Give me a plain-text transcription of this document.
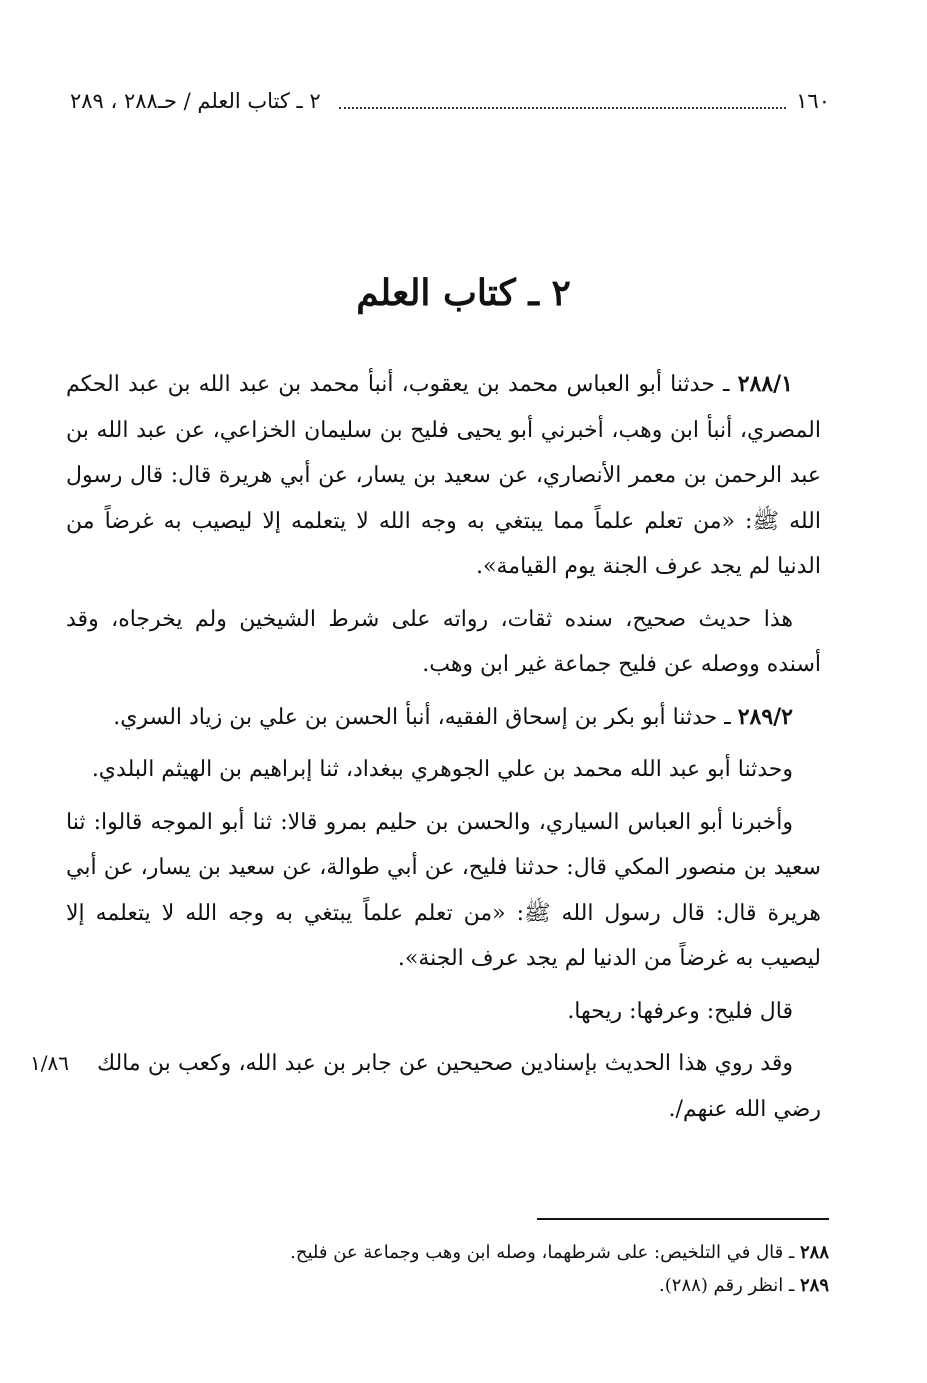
١٦٠
٢ ـ كتاب العلم / حـ٢٨٨ ، ٢٨٩
٢ ـ كتاب العلم

٢٨٨/١ ـ حدثنا أبو العباس محمد بن يعقوب، أنبأ محمد بن عبد الله بن عبد الحكم المصري، أنبأ ابن وهب، أخبرني أبو يحيى فليح بن سليمان الخزاعي، عن عبد الله بن عبد الرحمن بن معمر الأنصاري، عن سعيد بن يسار، عن أبي هريرة قال: قال رسول الله ﷺ: «من تعلم علماً مما يبتغي به وجه الله لا يتعلمه إلا ليصيب به غرضاً من الدنيا لم يجد عرف الجنة يوم القيامة».

هذا حديث صحيح، سنده ثقات، رواته على شرط الشيخين ولم يخرجاه، وقد أسنده ووصله عن فليح جماعة غير ابن وهب.

٢٨٩/٢ ـ حدثنا أبو بكر بن إسحاق الفقيه، أنبأ الحسن بن علي بن زياد السري.

وحدثنا أبو عبد الله محمد بن علي الجوهري ببغداد، ثنا إبراهيم بن الهيثم البلدي.

وأخبرنا أبو العباس السياري، والحسن بن حليم بمرو قالا: ثنا أبو الموجه قالوا: ثنا سعيد بن منصور المكي قال: حدثنا فليح، عن أبي طوالة، عن سعيد بن يسار، عن أبي هريرة قال: قال رسول الله ﷺ: «من تعلم علماً يبتغي به وجه الله لا يتعلمه إلا ليصيب به غرضاً من الدنيا لم يجد عرف الجنة».

قال فليح: وعرفها: ريحها.

١/٨٦	وقد روي هذا الحديث بإسنادين صحيحين عن جابر بن عبد الله، وكعب بن مالك رضي الله عنهم/.

٢٨٨ ـ قال في التلخيص: على شرطهما، وصله ابن وهب وجماعة عن فليح.

٢٨٩ ـ انظر رقم (٢٨٨).
